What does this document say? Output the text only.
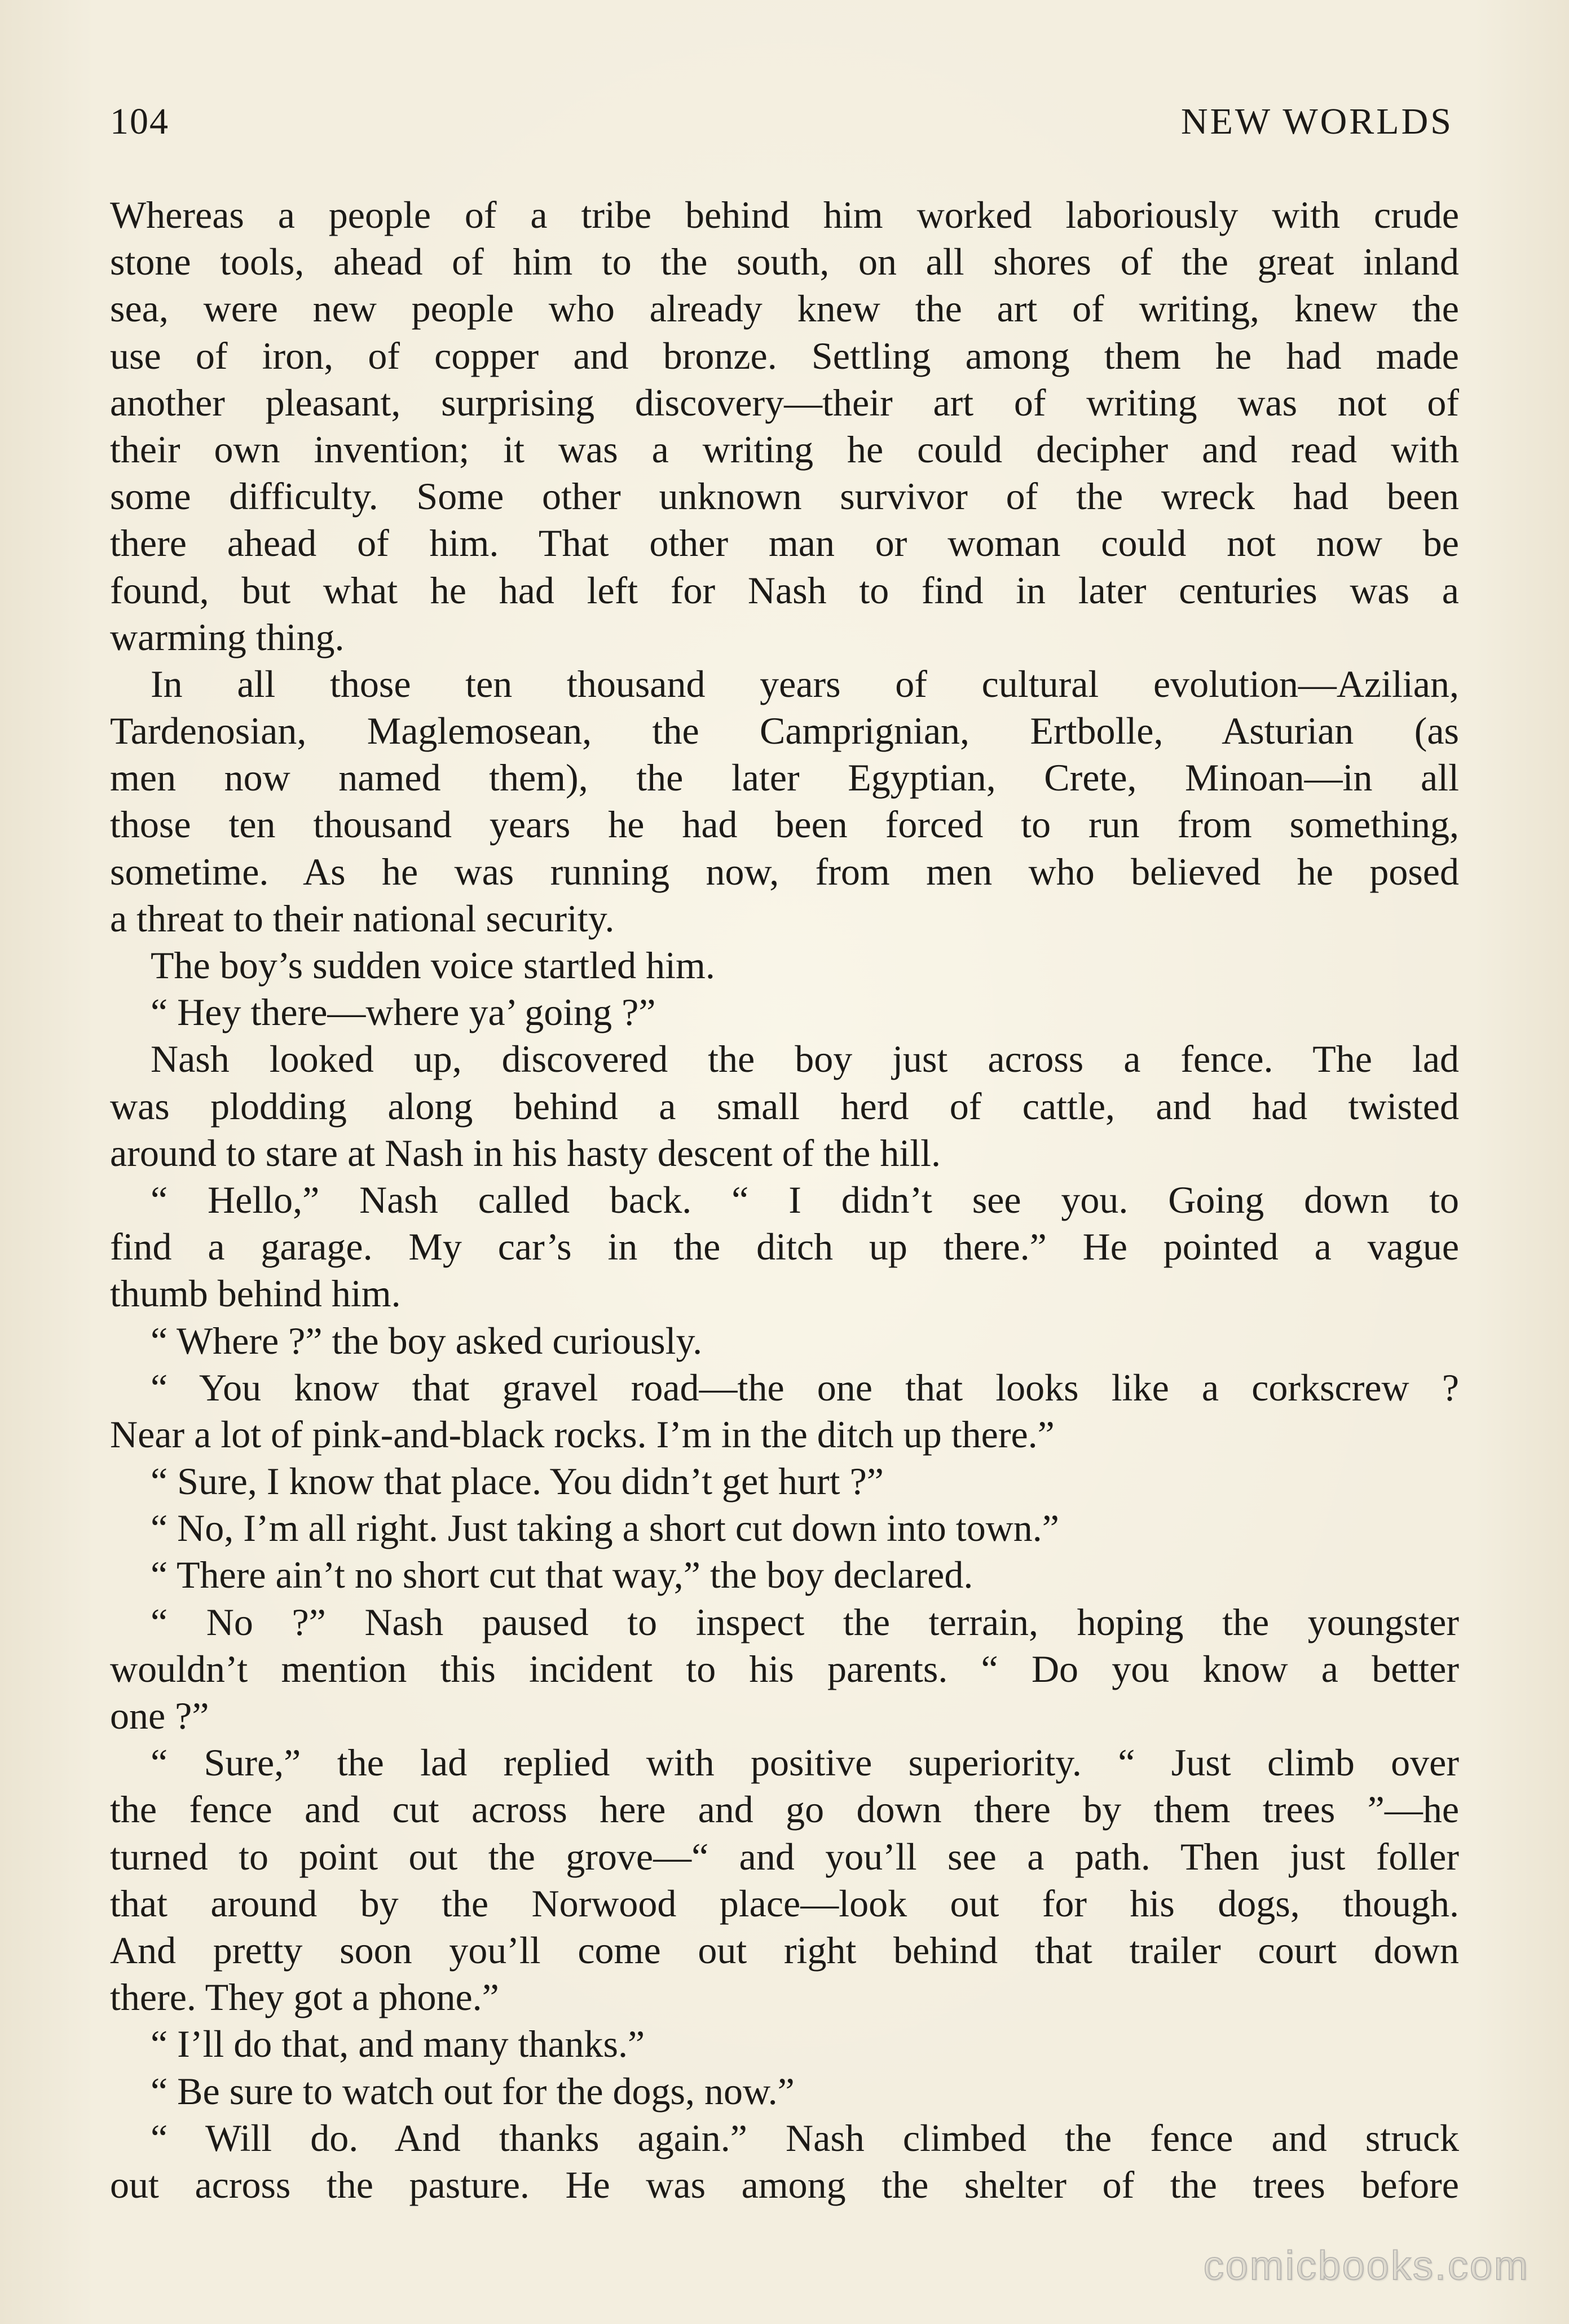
104	NEW WORLDS
Whereas a people of a tribe behind him worked laboriously with crude
stone tools, ahead of him to the south, on all shores of the great inland
sea, were new people who already knew the art of writing, knew the
use of iron, of copper and bronze. Settling among them he had made
another pleasant, surprising discovery—their art of writing was not of
their own invention; it was a writing he could decipher and read with
some difficulty. Some other unknown survivor of the wreck had been
there ahead of him. That other man or woman could not now be
found, but what he had left for Nash to find in later centuries was a
warming thing.
In all those ten thousand years of cultural evolution—Azilian,
Tardenosian, Maglemosean, the Camprignian, Ertbolle, Asturian (as
men now named them), the later Egyptian, Crete, Minoan—in all
those ten thousand years he had been forced to run from something,
sometime. As he was running now, from men who believed he posed
a threat to their national security.
The boy’s sudden voice startled him.
“ Hey there—where ya’ going ?”
Nash looked up, discovered the boy just across a fence. The lad
was plodding along behind a small herd of cattle, and had twisted
around to stare at Nash in his hasty descent of the hill.
“ Hello,” Nash called back. “ I didn’t see you. Going down to
find a garage. My car’s in the ditch up there.” He pointed a vague
thumb behind him.
“ Where ?” the boy asked curiously.
“ You know that gravel road—the one that looks like a corkscrew ?
Near a lot of pink-and-black rocks. I’m in the ditch up there.”
“ Sure, I know that place. You didn’t get hurt ?”
“ No, I’m all right. Just taking a short cut down into town.”
“ There ain’t no short cut that way,” the boy declared.
“ No ?” Nash paused to inspect the terrain, hoping the youngster
wouldn’t mention this incident to his parents. “ Do you know a better
one ?”
“ Sure,” the lad replied with positive superiority. “ Just climb over
the fence and cut across here and go down there by them trees ”—he
turned to point out the grove—“ and you’ll see a path. Then just foller
that around by the Norwood place—look out for his dogs, though.
And pretty soon you’ll come out right behind that trailer court down
there. They got a phone.”
“ I’ll do that, and many thanks.”
“ Be sure to watch out for the dogs, now.”
“ Will do. And thanks again.” Nash climbed the fence and struck
out across the pasture. He was among the shelter of the trees before
comicbooks.com
